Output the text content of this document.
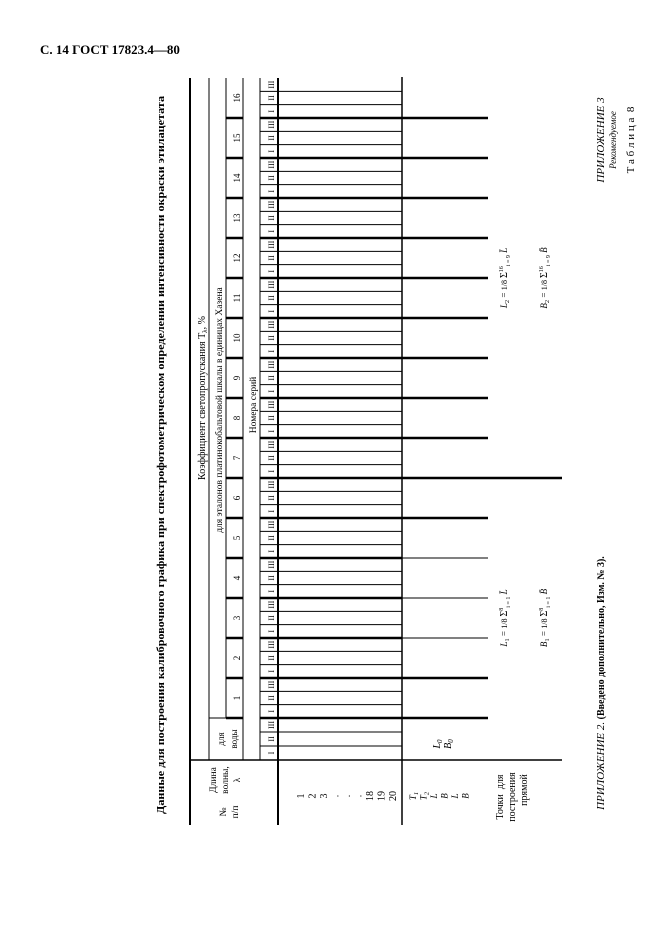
С. 14 ГОСТ 17823.4—80
Данные для построения калибровочного графика при спектрофотометрическом определении интенсивности окраски этилацетата
ПРИЛОЖЕНИЕ 3 Рекомендуемое Т а б л и ц а  8
ПРИЛОЖЕНИЕ 2. (Введено дополнительно, Изм. № 3).
Коэффициент светопропускания $T_\lambda$, % для эталонов платинокобальтовой шкалы в единицах Хазена	Номера серий
для воды
№ п/п
Длина волны, λ	Точки  для построения прямой
I
II
III
1
I
II
III
2
I
II
III
3
I
II
III
4
I
II
III
5
I
II
III
6
I
II
III
7
I
II
III
8
I
II
III
9
I
II
III
10
I
II
III
11
I
II
III
12
I
II
III
13
I
II
III
14
I
II
III
15
I
II
III
16
I
II
III
1 2 3 . . . 18 19 20 $T_1$
$T_2$
L B L B
$L_0$
$B_0$
$L_1 = 1/8$ $\Sigma^8_{i = 1}$ L̄
$B_1 = 1/8$ $\Sigma^8_{i = 1}$ B̄
$L_2 = 1/8$ $\Sigma^{16}_{i = 9}$ L̄
$B_2 = 1/8$ $\Sigma^{16}_{i = 9}$ B̄
